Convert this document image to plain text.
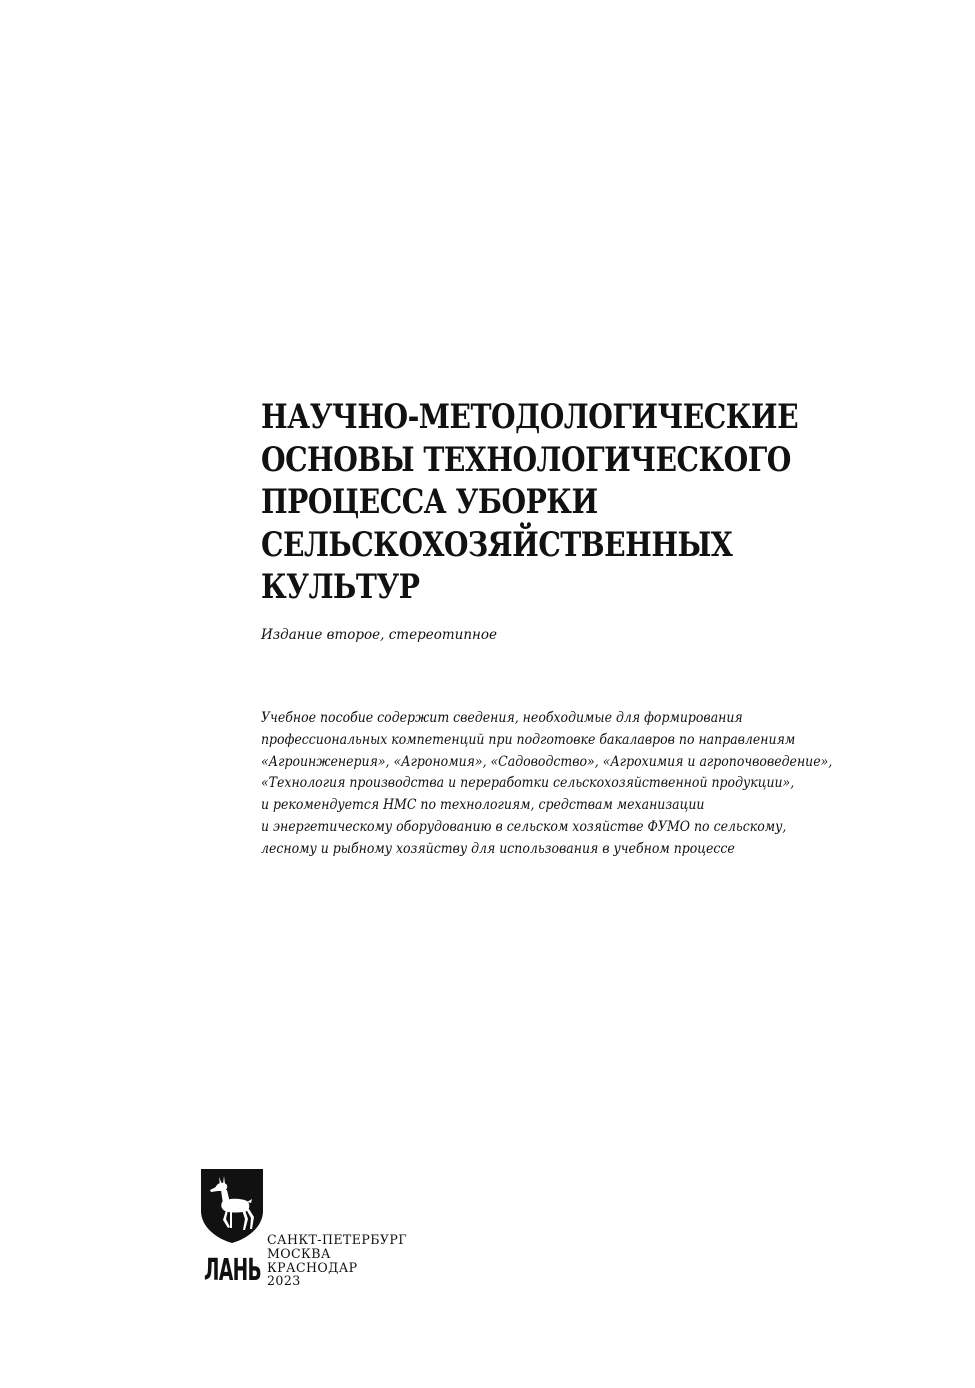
НАУЧНО-МЕТОДОЛОГИЧЕСКИЕ
ОСНОВЫ ТЕХНОЛОГИЧЕСКОГО
ПРОЦЕССА УБОРКИ
СЕЛЬСКОХОЗЯЙСТВЕННЫХ
КУЛЬТУР
Издание второе, стереотипное
Учебное пособие содержит сведения, необходимые для формирования
профессиональных компетенций при подготовке бакалавров по направлениям
«Агроинженерия», «Агрономия», «Садоводство», «Агрохимия и агропочвоведение»,
«Технология производства и переработки сельскохозяйственной продукции»,
и рекомендуется НМС по технологиям, средствам механизации
и энергетическому оборудованию в сельском хозяйстве ФУМО по сельскому,
лесному и рыбному хозяйству для использования в учебном процессе
ЛАНЬ
САНКТ-ПЕТЕРБУРГ
МОСКВА
КРАСНОДАР
2023
